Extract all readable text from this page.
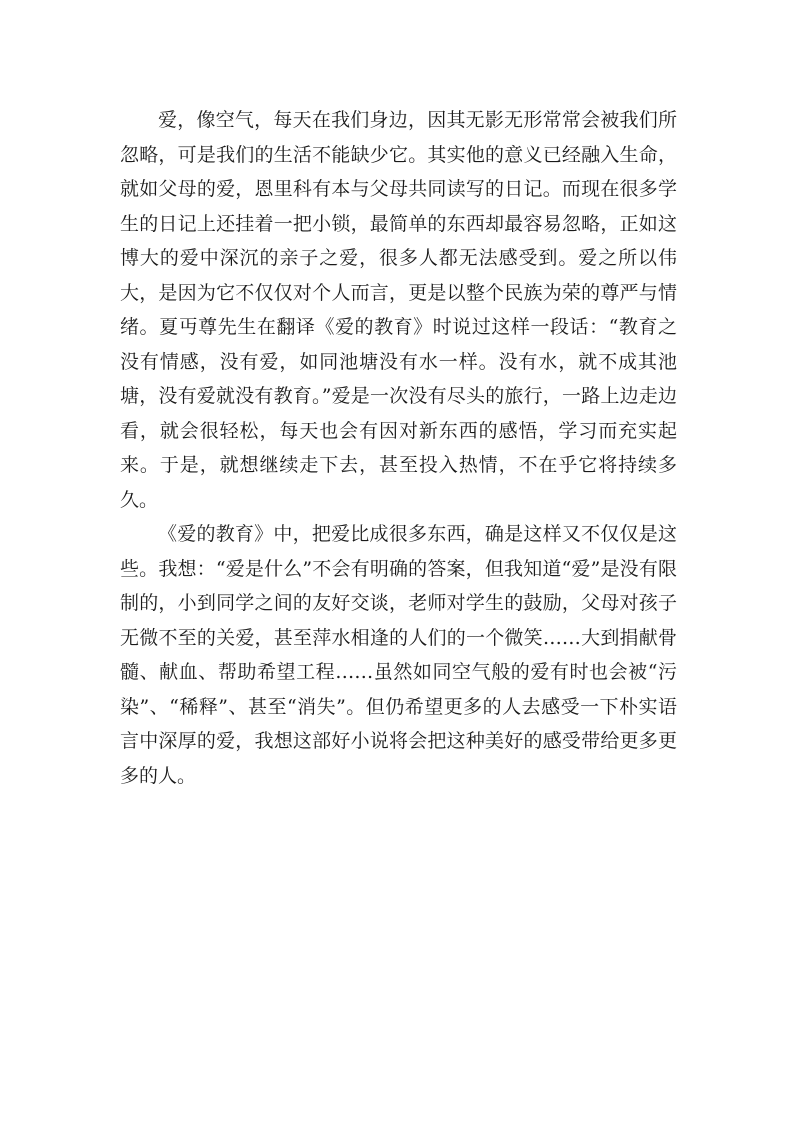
爱，像空气，每天在我们身边，因其无影无形常常会被我们所忽略，可是我们的生活不能缺少它。其实他的意义已经融入生命，就如父母的爱，恩里科有本与父母共同读写的日记。而现在很多学生的日记上还挂着一把小锁，最简单的东西却最容易忽略，正如这博大的爱中深沉的亲子之爱，很多人都无法感受到。爱之所以伟大，是因为它不仅仅对个人而言，更是以整个民族为荣的尊严与情绪。夏丏尊先生在翻译《爱的教育》时说过这样一段话：“教育之没有情感，没有爱，如同池塘没有水一样。没有水，就不成其池塘，没有爱就没有教育。”爱是一次没有尽头的旅行，一路上边走边看，就会很轻松，每天也会有因对新东西的感悟，学习而充实起来。于是，就想继续走下去，甚至投入热情，不在乎它将持续多久。

《爱的教育》中，把爱比成很多东西，确是这样又不仅仅是这些。我想：“爱是什么”不会有明确的答案，但我知道“爱”是没有限制的，小到同学之间的友好交谈，老师对学生的鼓励，父母对孩子无微不至的关爱，甚至萍水相逢的人们的一个微笑……大到捐献骨髓、献血、帮助希望工程……虽然如同空气般的爱有时也会被“污染”、“稀释”、甚至“消失”。但仍希望更多的人去感受一下朴实语言中深厚的爱，我想这部好小说将会把这种美好的感受带给更多更多的人。
